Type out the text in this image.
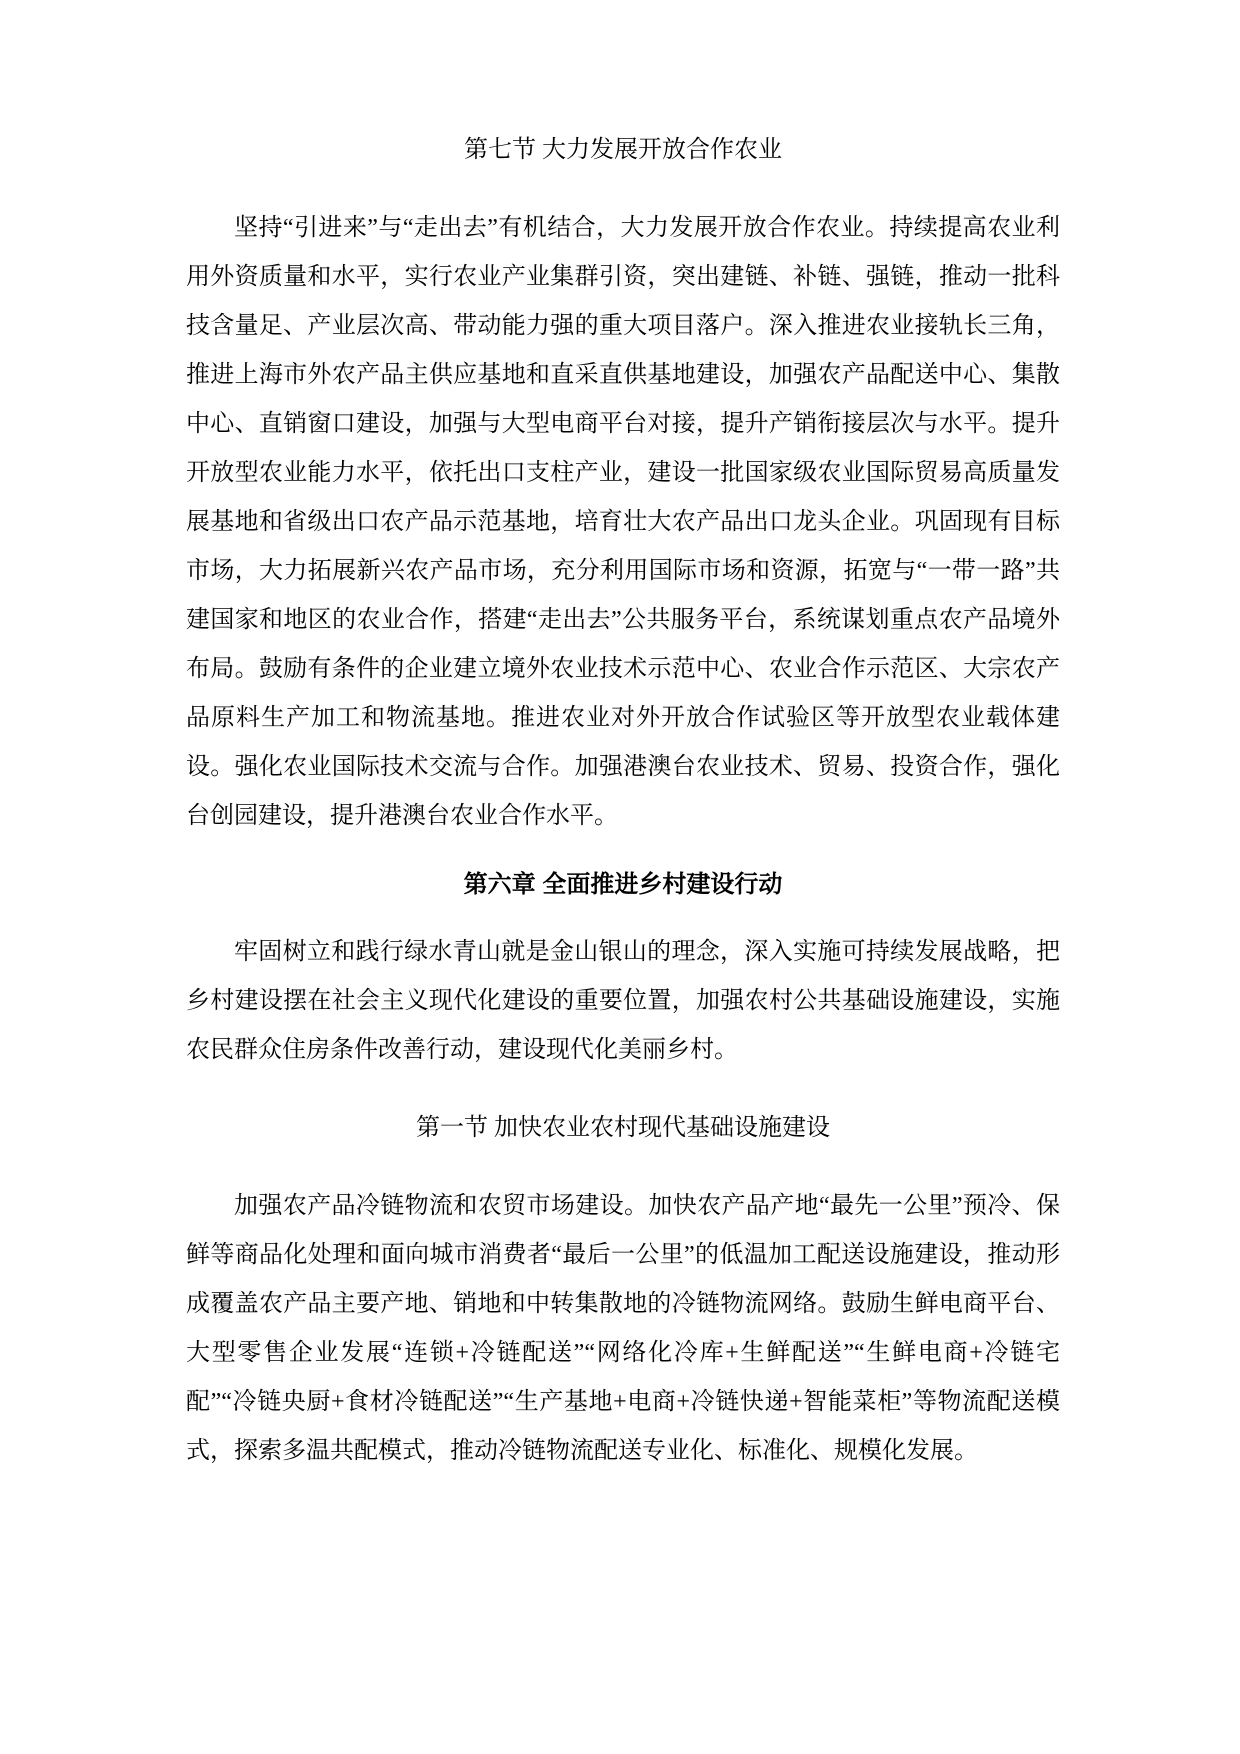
第七节 大力发展开放合作农业

坚持“引进来”与“走出去”有机结合，大力发展开放合作农业。持续提高农业利用外资质量和水平，实行农业产业集群引资，突出建链、补链、强链，推动一批科技含量足、产业层次高、带动能力强的重大项目落户。深入推进农业接轨长三角，推进上海市外农产品主供应基地和直采直供基地建设，加强农产品配送中心、集散中心、直销窗口建设，加强与大型电商平台对接，提升产销衔接层次与水平。提升开放型农业能力水平，依托出口支柱产业，建设一批国家级农业国际贸易高质量发展基地和省级出口农产品示范基地，培育壮大农产品出口龙头企业。巩固现有目标市场，大力拓展新兴农产品市场，充分利用国际市场和资源，拓宽与“一带一路”共建国家和地区的农业合作，搭建“走出去”公共服务平台，系统谋划重点农产品境外布局。鼓励有条件的企业建立境外农业技术示范中心、农业合作示范区、大宗农产品原料生产加工和物流基地。推进农业对外开放合作试验区等开放型农业载体建设。强化农业国际技术交流与合作。加强港澳台农业技术、贸易、投资合作，强化台创园建设，提升港澳台农业合作水平。

第六章 全面推进乡村建设行动

牢固树立和践行绿水青山就是金山银山的理念，深入实施可持续发展战略，把乡村建设摆在社会主义现代化建设的重要位置，加强农村公共基础设施建设，实施农民群众住房条件改善行动，建设现代化美丽乡村。

第一节 加快农业农村现代基础设施建设

加强农产品冷链物流和农贸市场建设。加快农产品产地“最先一公里”预冷、保鲜等商品化处理和面向城市消费者“最后一公里”的低温加工配送设施建设，推动形成覆盖农产品主要产地、销地和中转集散地的冷链物流网络。鼓励生鲜电商平台、大型零售企业发展“连锁+冷链配送”“网络化冷库+生鲜配送”“生鲜电商+冷链宅配”“冷链央厨+食材冷链配送”“生产基地+电商+冷链快递+智能菜柜”等物流配送模式，探索多温共配模式，推动冷链物流配送专业化、标准化、规模化发展。
